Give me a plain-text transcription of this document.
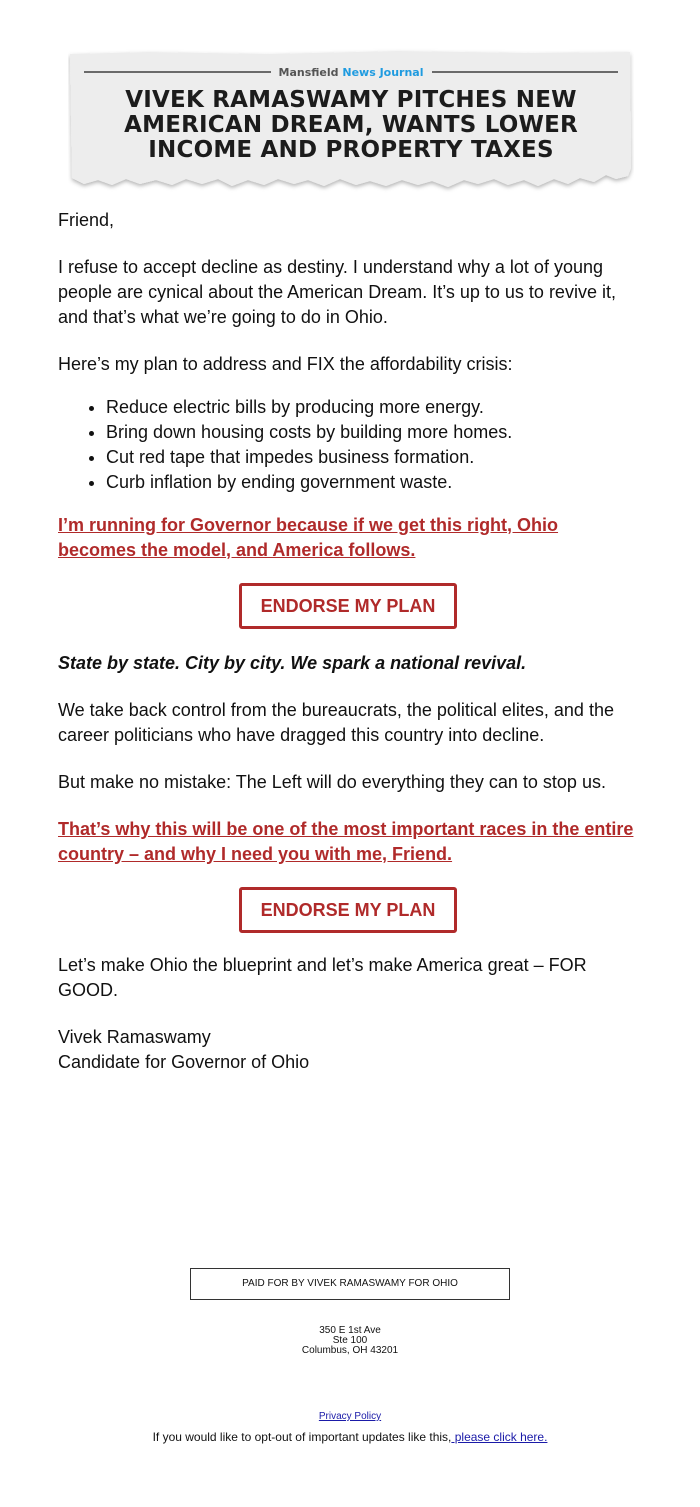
Mansfield News Journal
VIVEK RAMASWAMY PITCHES NEW
AMERICAN DREAM, WANTS LOWER
INCOME AND PROPERTY TAXES

Friend,

I refuse to accept decline as destiny. I understand why a lot of young people are cynical about the American Dream. It’s up to us to revive it, and that’s what we’re going to do in Ohio.

Here’s my plan to address and FIX the affordability crisis:

• Reduce electric bills by producing more energy.
• Bring down housing costs by building more homes.
• Cut red tape that impedes business formation.
• Curb inflation by ending government waste.

I’m running for Governor because if we get this right, Ohio becomes the model, and America follows.

ENDORSE MY PLAN

State by state. City by city. We spark a national revival.

We take back control from the bureaucrats, the political elites, and the career politicians who have dragged this country into decline.

But make no mistake: The Left will do everything they can to stop us.

That’s why this will be one of the most important races in the entire country – and why I need you with me, Friend.

ENDORSE MY PLAN

Let’s make Ohio the blueprint and let’s make America great – FOR GOOD.

Vivek Ramaswamy

Candidate for Governor of Ohio

PAID FOR BY VIVEK RAMASWAMY FOR OHIO
350 E 1st Ave
Ste 100
Columbus, OH 43201
Privacy Policy
If you would like to opt-out of important updates like this, please click here.
